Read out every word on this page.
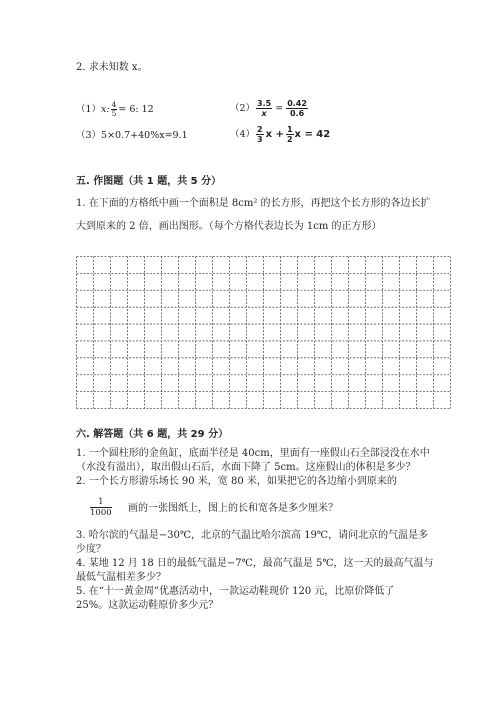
2. 求未知数 x。
（1）x: $\frac{4}{5} = 6$: 12	$(2) \frac{3.5}{x} = \frac{0.42}{0.6}$
（3）5×0.7+40%x=9.1	$(4) \frac{2}{3}$ $x + \frac{1}{2}$ x = 42
五. 作图题（共 1 题，共 5 分）
1. 在下面的方格纸中画一个面积是 8cm² 的长方形，再把这个长方形的各边长扩
大到原来的 2 倍，画出图形。（每个方格代表边长为 1cm 的正方形）
六. 解答题（共 6 题，共 29 分）
1. 一个圆柱形的金鱼缸，底面半径是 40cm，里面有一座假山石全部浸没在水中
（水没有溢出），取出假山石后，水面下降了 5cm。这座假山的体积是多少？
2. 一个长方形游乐场长 90 米，宽 80 米，如果把它的各边缩小到原来的
$\frac{1}{1000}$ 画的一张图纸上，图上的长和宽各是多少厘米？
3. 哈尔滨的气温是−30℃，北京的气温比哈尔滨高 19℃，请问北京的气温是多
少度？
4. 某地 12 月 18 日的最低气温是−7℃，最高气温是 5℃，这一天的最高气温与
最低气温相差多少？
5. 在“十一黄金周”优惠活动中，一款运动鞋现价 120 元，比原价降低了
25%。这款运动鞋原价多少元？
